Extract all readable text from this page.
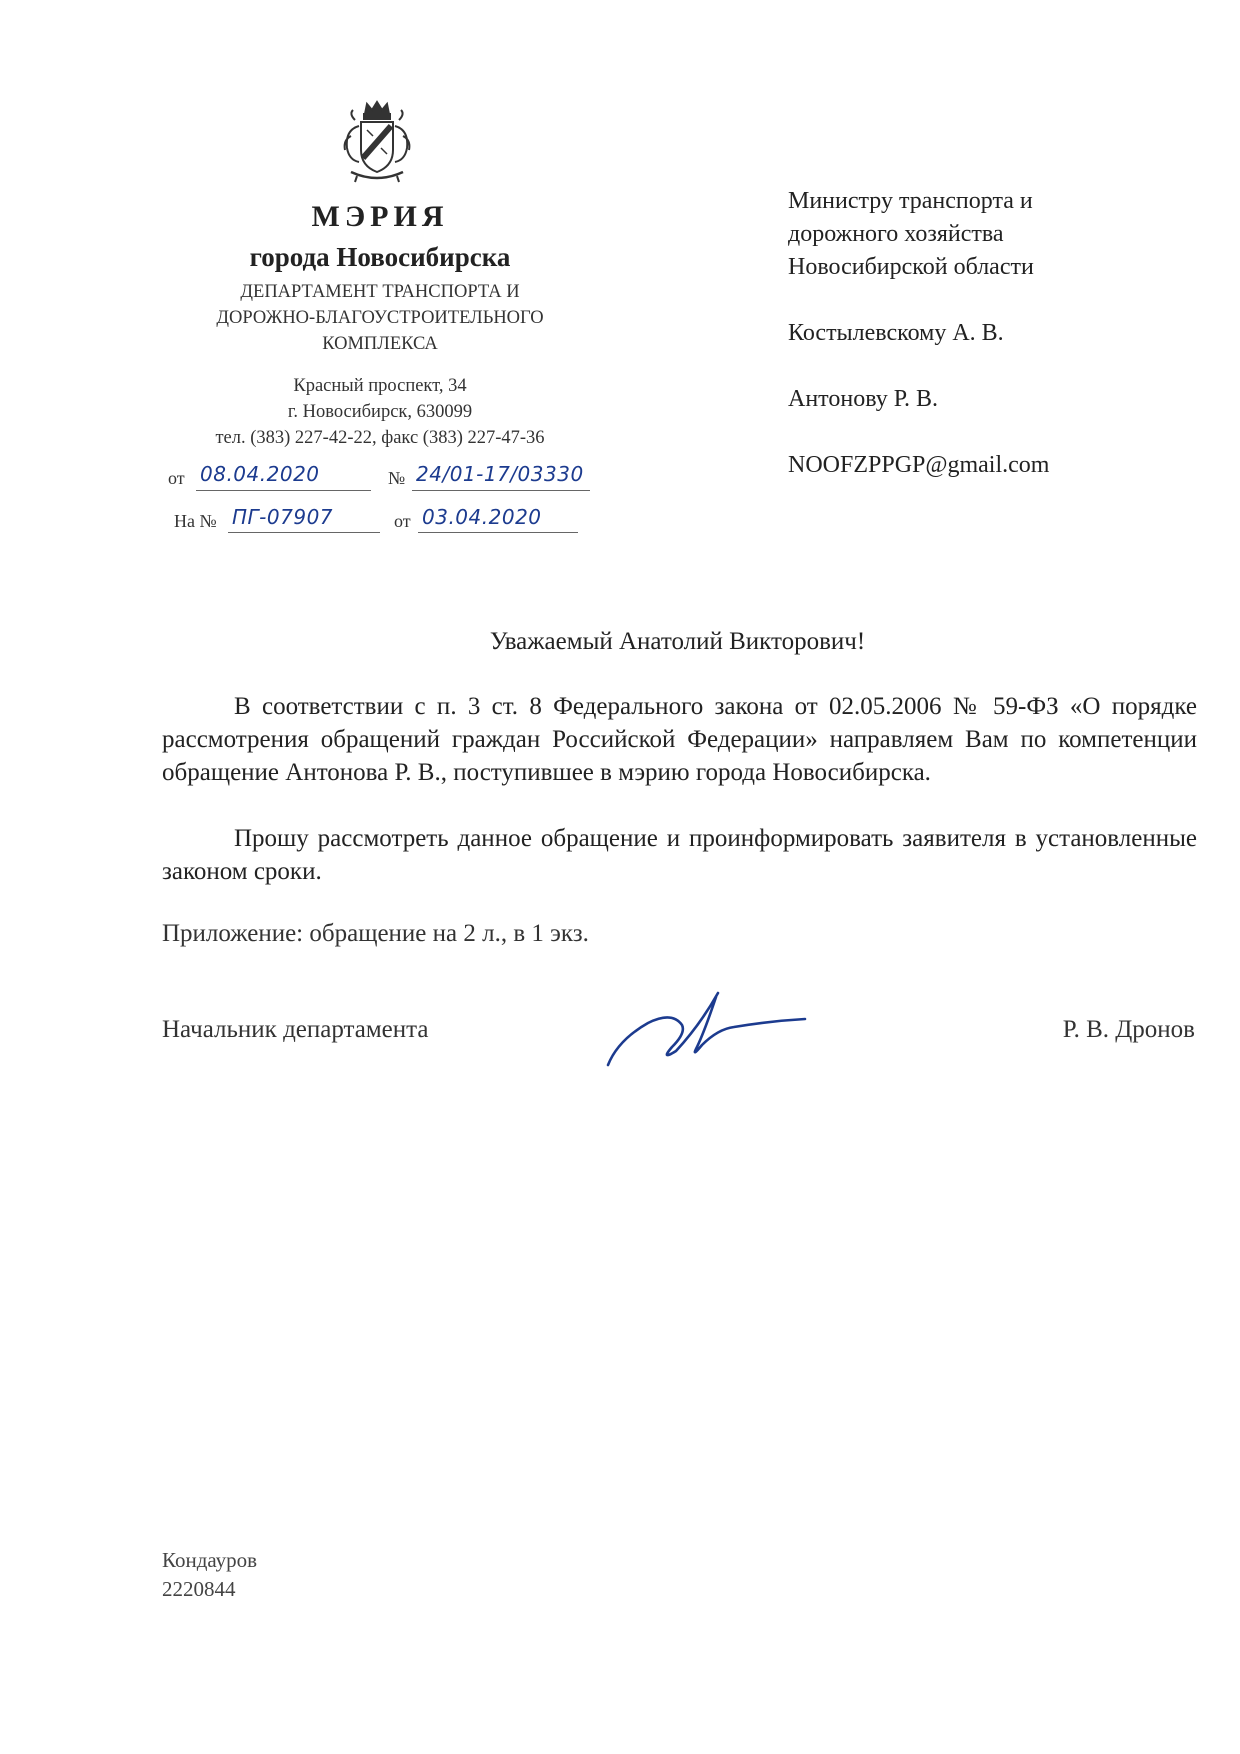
МЭРИЯ
города Новосибирска
ДЕПАРТАМЕНТ ТРАНСПОРТА И
ДОРОЖНО-БЛАГОУСТРОИТЕЛЬНОГО
КОМПЛЕКСА
Красный проспект, 34
г. Новосибирск, 630099
тел. (383) 227-42-22, факс (383) 227-47-36
от 08.04.2020	№ 24/01-17/03330
На № ПГ-07907	от 03.04.2020
Министру транспорта и
дорожного хозяйства
Новосибирской области
Костылевскому А. В.
Антонову Р. В.
NOOFZPPGP@gmail.com
Уважаемый Анатолий Викторович!
В соответствии с п. 3 ст. 8 Федерального закона от 02.05.2006 № 59-ФЗ «О порядке рассмотрения обращений граждан Российской Федерации» направляем Вам по компетенции обращение Антонова Р. В., поступившее в мэрию города Новосибирска.
Прошу рассмотреть данное обращение и проинформировать заявителя в установленные законом сроки.
Приложение: обращение на 2 л., в 1 экз.
Начальник департамента	Р. В. Дронов
Кондауров
2220844
